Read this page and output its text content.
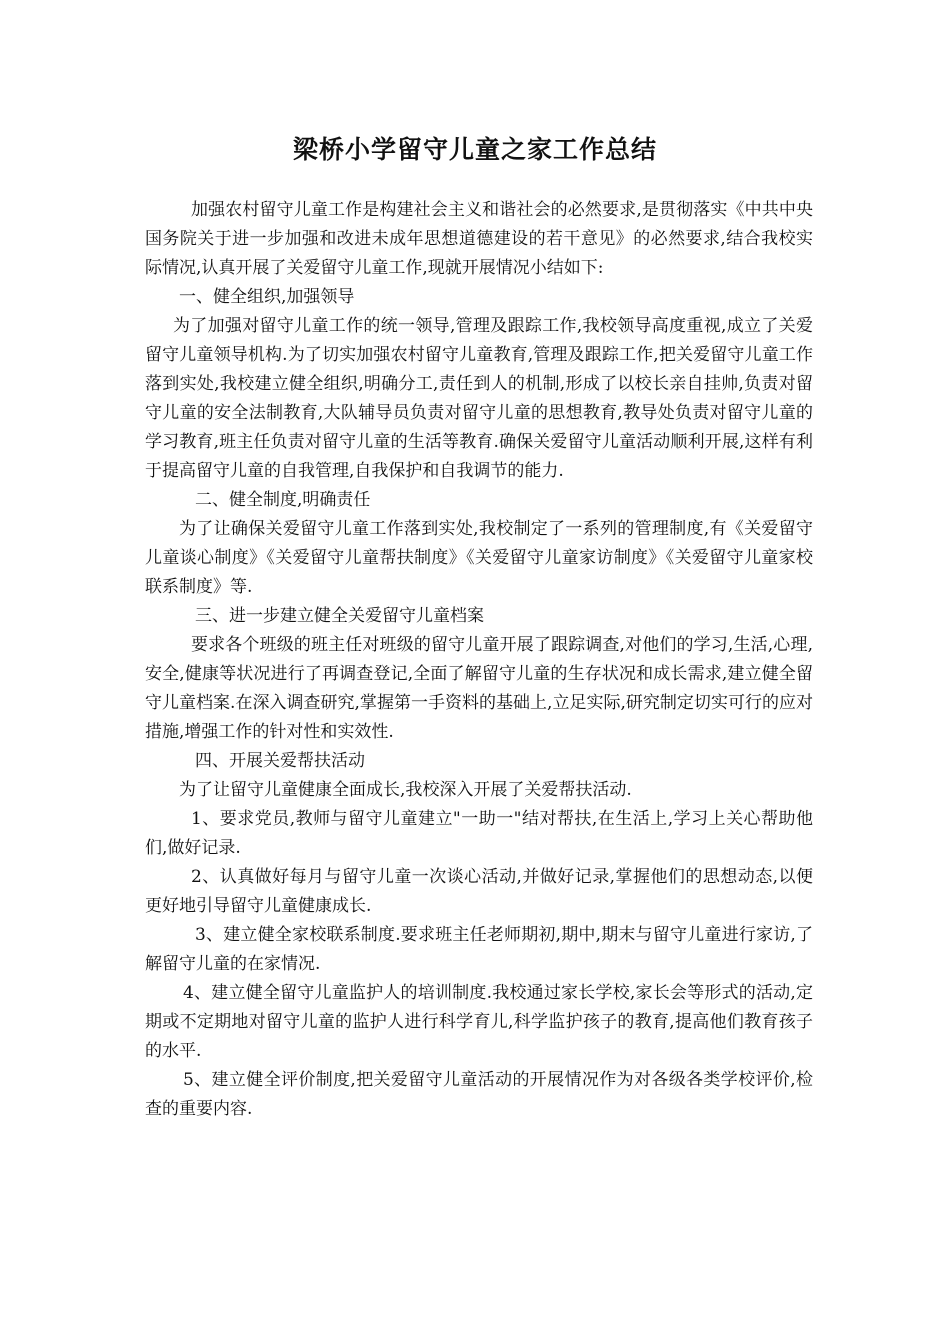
梁桥小学留守儿童之家工作总结

加强农村留守儿童工作是构建社会主义和谐社会的必然要求,是贯彻落实《中共中央国务院关于进一步加强和改进未成年思想道德建设的若干意见》的必然要求,结合我校实际情况,认真开展了关爱留守儿童工作,现就开展情况小结如下:

一、健全组织,加强领导

为了加强对留守儿童工作的统一领导,管理及跟踪工作,我校领导高度重视,成立了关爱留守儿童领导机构.为了切实加强农村留守儿童教育,管理及跟踪工作,把关爱留守儿童工作落到实处,我校建立健全组织,明确分工,责任到人的机制,形成了以校长亲自挂帅,负责对留守儿童的安全法制教育,大队辅导员负责对留守儿童的思想教育,教导处负责对留守儿童的学习教育,班主任负责对留守儿童的生活等教育.确保关爱留守儿童活动顺利开展,这样有利于提高留守儿童的自我管理,自我保护和自我调节的能力.

二、健全制度,明确责任

为了让确保关爱留守儿童工作落到实处,我校制定了一系列的管理制度,有《关爱留守儿童谈心制度》《关爱留守儿童帮扶制度》《关爱留守儿童家访制度》《关爱留守儿童家校联系制度》等.

三、进一步建立健全关爱留守儿童档案

要求各个班级的班主任对班级的留守儿童开展了跟踪调查,对他们的学习,生活,心理,安全,健康等状况进行了再调查登记,全面了解留守儿童的生存状况和成长需求,建立健全留守儿童档案.在深入调查研究,掌握第一手资料的基础上,立足实际,研究制定切实可行的应对措施,增强工作的针对性和实效性.

四、开展关爱帮扶活动

为了让留守儿童健康全面成长,我校深入开展了关爱帮扶活动.

1、要求党员,教师与留守儿童建立"一助一"结对帮扶,在生活上,学习上关心帮助他们,做好记录.

2、认真做好每月与留守儿童一次谈心活动,并做好记录,掌握他们的思想动态,以便更好地引导留守儿童健康成长.

3、建立健全家校联系制度.要求班主任老师期初,期中,期末与留守儿童进行家访,了解留守儿童的在家情况.

4、建立健全留守儿童监护人的培训制度.我校通过家长学校,家长会等形式的活动,定期或不定期地对留守儿童的监护人进行科学育儿,科学监护孩子的教育,提高他们教育孩子的水平.

5、建立健全评价制度,把关爱留守儿童活动的开展情况作为对各级各类学校评价,检查的重要内容.
